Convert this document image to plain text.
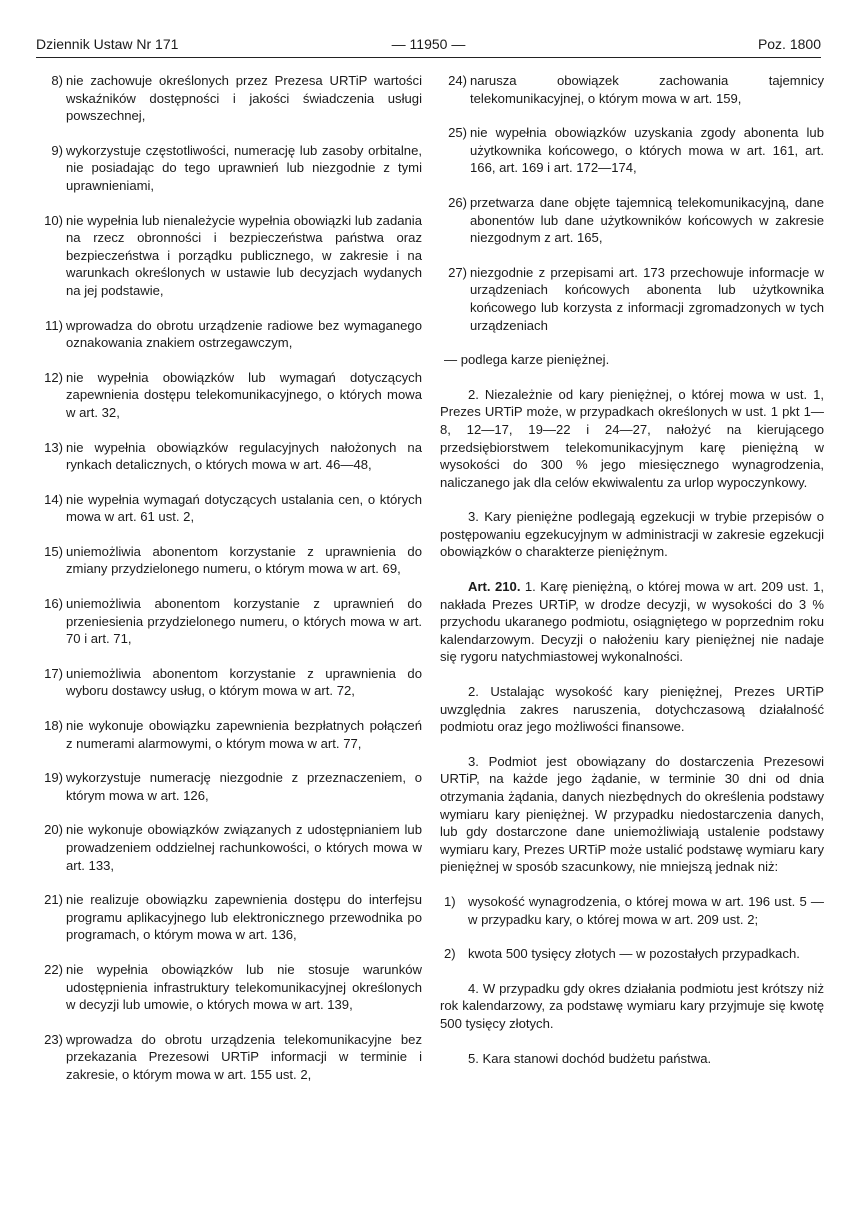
Dziennik Ustaw Nr 171	— 11950 —	Poz. 1800
8) nie zachowuje określonych przez Prezesa URTiP wartości wskaźników dostępności i jakości świadczenia usługi powszechnej,
9) wykorzystuje częstotliwości, numerację lub zasoby orbitalne, nie posiadając do tego uprawnień lub niezgodnie z tymi uprawnieniami,
10) nie wypełnia lub nienależycie wypełnia obowiązki lub zadania na rzecz obronności i bezpieczeństwa państwa oraz bezpieczeństwa i porządku publicznego, w zakresie i na warunkach określonych w ustawie lub decyzjach wydanych na jej podstawie,
11) wprowadza do obrotu urządzenie radiowe bez wymaganego oznakowania znakiem ostrzegawczym,
12) nie wypełnia obowiązków lub wymagań dotyczących zapewnienia dostępu telekomunikacyjnego, o których mowa w art. 32,
13) nie wypełnia obowiązków regulacyjnych nałożonych na rynkach detalicznych, o których mowa w art. 46—48,
14) nie wypełnia wymagań dotyczących ustalania cen, o których mowa w art. 61 ust. 2,
15) uniemożliwia abonentom korzystanie z uprawnienia do zmiany przydzielonego numeru, o którym mowa w art. 69,
16) uniemożliwia abonentom korzystanie z uprawnień do przeniesienia przydzielonego numeru, o których mowa w art. 70 i art. 71,
17) uniemożliwia abonentom korzystanie z uprawnienia do wyboru dostawcy usług, o którym mowa w art. 72,
18) nie wykonuje obowiązku zapewnienia bezpłatnych połączeń z numerami alarmowymi, o którym mowa w art. 77,
19) wykorzystuje numerację niezgodnie z przeznaczeniem, o którym mowa w art. 126,
20) nie wykonuje obowiązków związanych z udostępnianiem lub prowadzeniem oddzielnej rachunkowości, o których mowa w art. 133,
21) nie realizuje obowiązku zapewnienia dostępu do interfejsu programu aplikacyjnego lub elektronicznego przewodnika po programach, o którym mowa w art. 136,
22) nie wypełnia obowiązków lub nie stosuje warunków udostępnienia infrastruktury telekomunikacyjnej określonych w decyzji lub umowie, o których mowa w art. 139,
23) wprowadza do obrotu urządzenia telekomunikacyjne bez przekazania Prezesowi URTiP informacji w terminie i zakresie, o którym mowa w art. 155 ust. 2,
24) narusza obowiązek zachowania tajemnicy telekomunikacyjnej, o którym mowa w art. 159,
25) nie wypełnia obowiązków uzyskania zgody abonenta lub użytkownika końcowego, o których mowa w art. 161, art. 166, art. 169 i art. 172—174,
26) przetwarza dane objęte tajemnicą telekomunikacyjną, dane abonentów lub dane użytkowników końcowych w zakresie niezgodnym z art. 165,
27) niezgodnie z przepisami art. 173 przechowuje informacje w urządzeniach końcowych abonenta lub użytkownika końcowego lub korzysta z informacji zgromadzonych w tych urządzeniach
— podlega karze pieniężnej.

2. Niezależnie od kary pieniężnej, o której mowa w ust. 1, Prezes URTiP może, w przypadkach określonych w ust. 1 pkt 1—8, 12—17, 19—22 i 24—27, nałożyć na kierującego przedsiębiorstwem telekomunikacyjnym karę pieniężną w wysokości do 300 % jego miesięcznego wynagrodzenia, naliczanego jak dla celów ekwiwalentu za urlop wypoczynkowy.

3. Kary pieniężne podlegają egzekucji w trybie przepisów o postępowaniu egzekucyjnym w administracji w zakresie egzekucji obowiązków o charakterze pieniężnym.

Art. 210. 1. Karę pieniężną, o której mowa w art. 209 ust. 1, nakłada Prezes URTiP, w drodze decyzji, w wysokości do 3 % przychodu ukaranego podmiotu, osiągniętego w poprzednim roku kalendarzowym. Decyzji o nałożeniu kary pieniężnej nie nadaje się rygoru natychmiastowej wykonalności.

2. Ustalając wysokość kary pieniężnej, Prezes URTiP uwzględnia zakres naruszenia, dotychczasową działalność podmiotu oraz jego możliwości finansowe.

3. Podmiot jest obowiązany do dostarczenia Prezesowi URTiP, na każde jego żądanie, w terminie 30 dni od dnia otrzymania żądania, danych niezbędnych do określenia podstawy wymiaru kary pieniężnej. W przypadku niedostarczenia danych, lub gdy dostarczone dane uniemożliwiają ustalenie podstawy wymiaru kary, Prezes URTiP może ustalić podstawę wymiaru kary pieniężnej w sposób szacunkowy, nie mniejszą jednak niż:

1) wysokość wynagrodzenia, o której mowa w art. 196 ust. 5 — w przypadku kary, o której mowa w art. 209 ust. 2;
2) kwota 500 tysięcy złotych — w pozostałych przypadkach.

4. W przypadku gdy okres działania podmiotu jest krótszy niż rok kalendarzowy, za podstawę wymiaru kary przyjmuje się kwotę 500 tysięcy złotych.

5. Kara stanowi dochód budżetu państwa.
